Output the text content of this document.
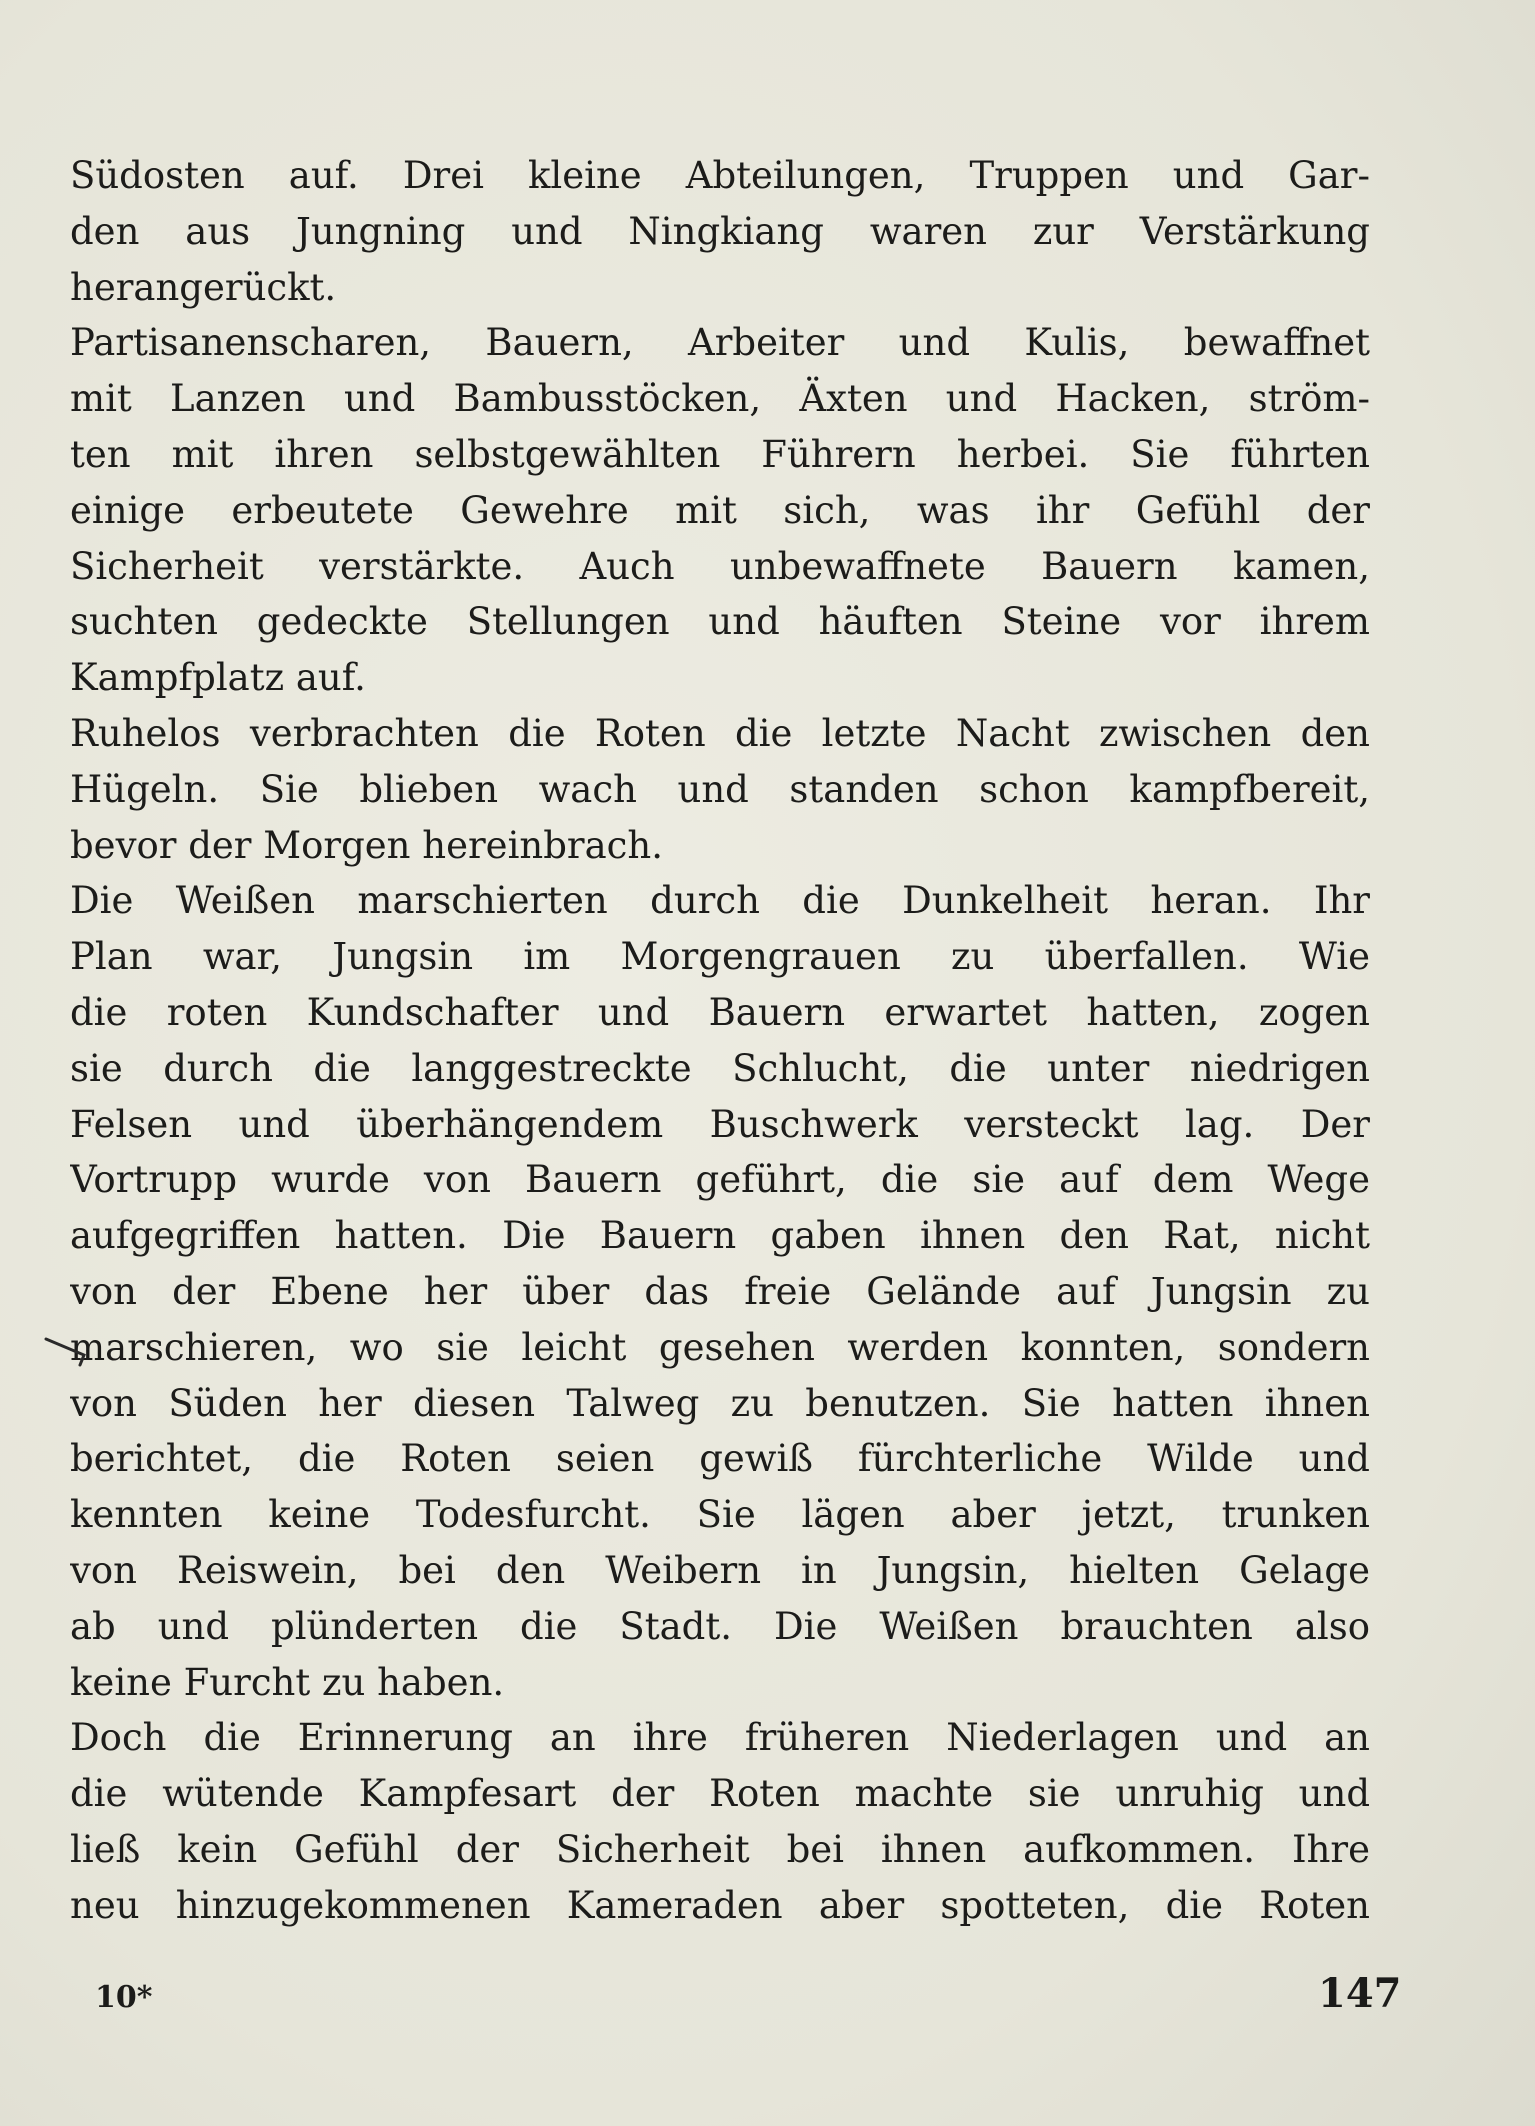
Südosten auf. Drei kleine Abteilungen, Truppen und Gar-
den aus Jungning und Ningkiang waren zur Verstärkung
herangerückt.
Partisanenscharen, Bauern, Arbeiter und Kulis, bewaffnet
mit Lanzen und Bambusstöcken, Äxten und Hacken, ström-
ten mit ihren selbstgewählten Führern herbei. Sie führten
einige erbeutete Gewehre mit sich, was ihr Gefühl der
Sicherheit verstärkte. Auch unbewaffnete Bauern kamen,
suchten gedeckte Stellungen und häuften Steine vor ihrem
Kampfplatz auf.
Ruhelos verbrachten die Roten die letzte Nacht zwischen den
Hügeln. Sie blieben wach und standen schon kampfbereit,
bevor der Morgen hereinbrach.
Die Weißen marschierten durch die Dunkelheit heran. Ihr
Plan war, Jungsin im Morgengrauen zu überfallen. Wie
die roten Kundschafter und Bauern erwartet hatten, zogen
sie durch die langgestreckte Schlucht, die unter niedrigen
Felsen und überhängendem Buschwerk versteckt lag. Der
Vortrupp wurde von Bauern geführt, die sie auf dem Wege
aufgegriffen hatten. Die Bauern gaben ihnen den Rat, nicht
von der Ebene her über das freie Gelände auf Jungsin zu
marschieren, wo sie leicht gesehen werden konnten, sondern
von Süden her diesen Talweg zu benutzen. Sie hatten ihnen
berichtet, die Roten seien gewiß fürchterliche Wilde und
kennten keine Todesfurcht. Sie lägen aber jetzt, trunken
von Reiswein, bei den Weibern in Jungsin, hielten Gelage
ab und plünderten die Stadt. Die Weißen brauchten also
keine Furcht zu haben.
Doch die Erinnerung an ihre früheren Niederlagen und an
die wütende Kampfesart der Roten machte sie unruhig und
ließ kein Gefühl der Sicherheit bei ihnen aufkommen. Ihre
neu hinzugekommenen Kameraden aber spotteten, die Roten
10*	147
